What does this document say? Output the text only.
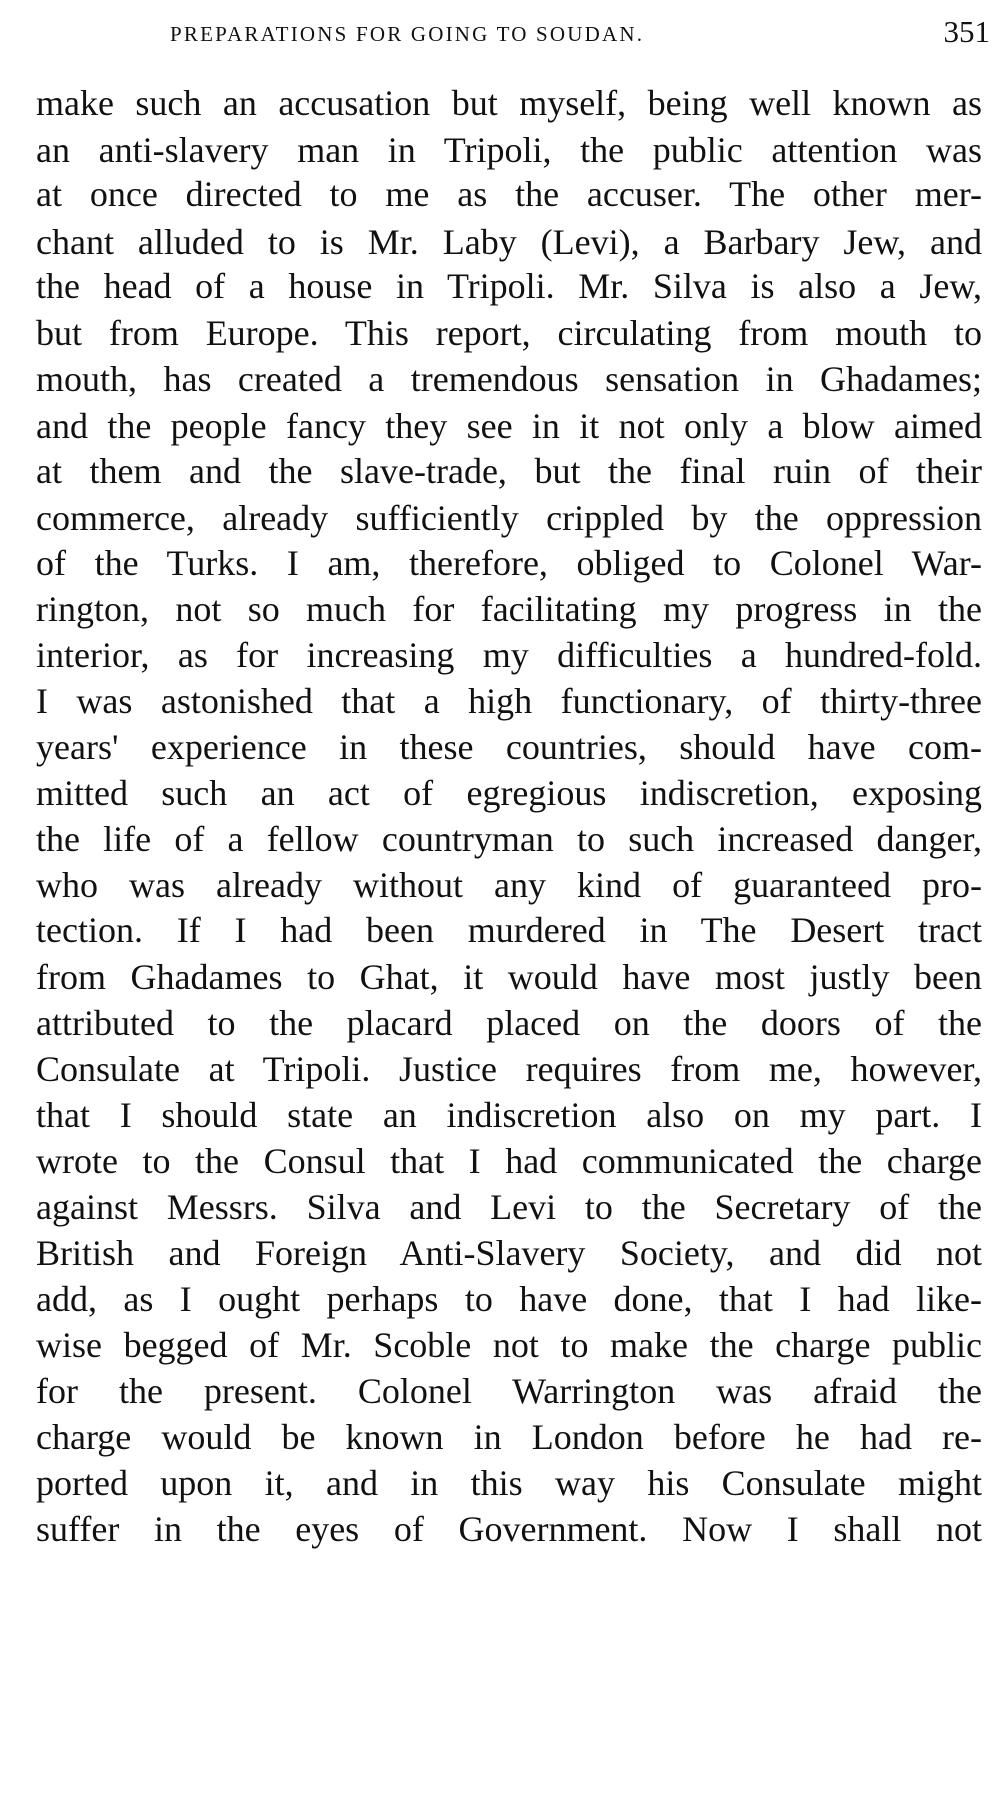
PREPARATIONS FOR GOING TO SOUDAN.	351
make such an accusation but myself, being well known as
an anti-slavery man in Tripoli, the public attention was
at once directed to me as the accuser. The other mer-
chant alluded to is Mr. Laby (Levi), a Barbary Jew, and
the head of a house in Tripoli. Mr. Silva is also a Jew,
but from Europe. This report, circulating from mouth to
mouth, has created a tremendous sensation in Ghadames;
and the people fancy they see in it not only a blow aimed
at them and the slave-trade, but the final ruin of their
commerce, already sufficiently crippled by the oppression
of the Turks. I am, therefore, obliged to Colonel War-
rington, not so much for facilitating my progress in the
interior, as for increasing my difficulties a hundred-fold.
I was astonished that a high functionary, of thirty-three
years' experience in these countries, should have com-
mitted such an act of egregious indiscretion, exposing
the life of a fellow countryman to such increased danger,
who was already without any kind of guaranteed pro-
tection. If I had been murdered in The Desert tract
from Ghadames to Ghat, it would have most justly been
attributed to the placard placed on the doors of the
Consulate at Tripoli. Justice requires from me, however,
that I should state an indiscretion also on my part. I
wrote to the Consul that I had communicated the charge
against Messrs. Silva and Levi to the Secretary of the
British and Foreign Anti-Slavery Society, and did not
add, as I ought perhaps to have done, that I had like-
wise begged of Mr. Scoble not to make the charge public
for the present. Colonel Warrington was afraid the
charge would be known in London before he had re-
ported upon it, and in this way his Consulate might
suffer in the eyes of Government. Now I shall not
